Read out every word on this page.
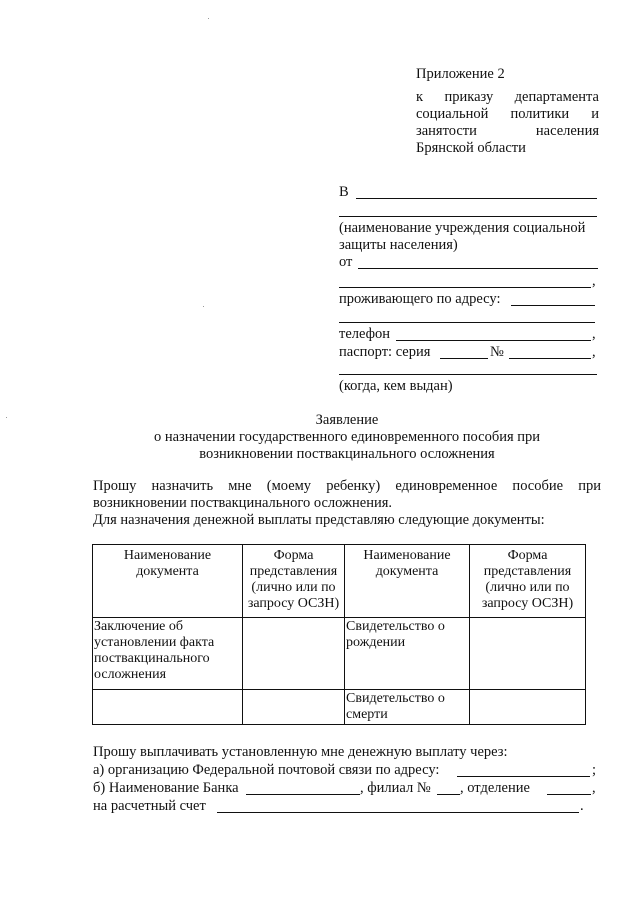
Приложение 2
к приказу департамента
социальной политики и
занятости	населения
Брянской области
В
(наименование учреждения социальной защиты населения)
от
,
проживающего по адресу:
телефон	,
паспорт: серия	№	,
(когда, кем выдан)
Заявление
о назначении государственного единовременного пособия при
возникновении поствакцинального осложнения
Прошу назначить мне (моему ребенку) единовременное пособие при
возникновении поствакцинального осложнения.
Для назначения денежной выплаты представляю следующие документы:
Наименование документа	Форма представления (лично или по запросу ОСЗН)	Наименование документа	Форма представления (лично или по запросу ОСЗН)
Заключение об установлении факта поствакцинального осложнения		Свидетельство о рождении	
		Свидетельство о смерти	
Прошу выплачивать установленную мне денежную выплату через:
а) организацию Федеральной почтовой связи по адресу:	;
б) Наименование Банка	, филиал № , отделение	,
на расчетный счет	.
